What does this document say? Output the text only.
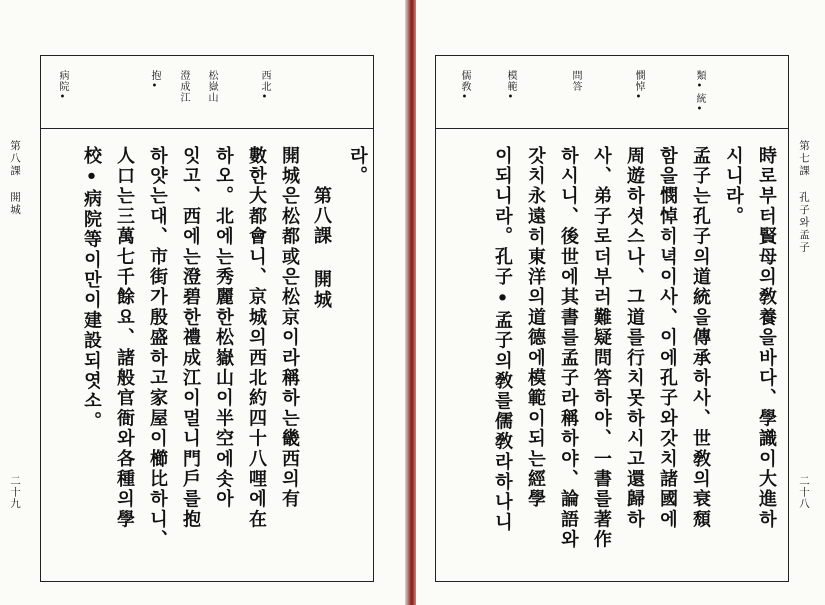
第八課 開城
二十九
病院•	西北•
松嶽山
澄成江
抱•
라。
第八課 開城
開城은松都或은松京이라稱하는畿西의有
數한大都會니、京城의西北約四十八哩에在
하오。北에는秀麗한松嶽山이半空에솟아
잇고、西에는澄碧한禮成江이멀니門戶를抱
하얏는대、市街가殷盛하고家屋이櫛比하니、
人口는三萬七千餘요、諸般官衙와各種의學
校•病院等이만이建設되엿소。	第七課 孔子와孟子
二十八
類•統•
憫悼•
問答
模範•
儒敎•
時로부터賢母의敎養을바다、學識이大進하
시니라。
孟子는孔子의道統을傳承하사、世敎의衰頹
함을憫悼히녁이사、이에孔子와갓치諸國에
周遊하셧스나、그道를行치못하시고還歸하
사、弟子로더부러難疑問答하야、一書를著作
하시니、後世에其書를孟子라稱하야、論語와
갓치永遠히東洋의道德에模範이되는經學
이되니라。孔子•孟子의敎를儒敎라하나니
